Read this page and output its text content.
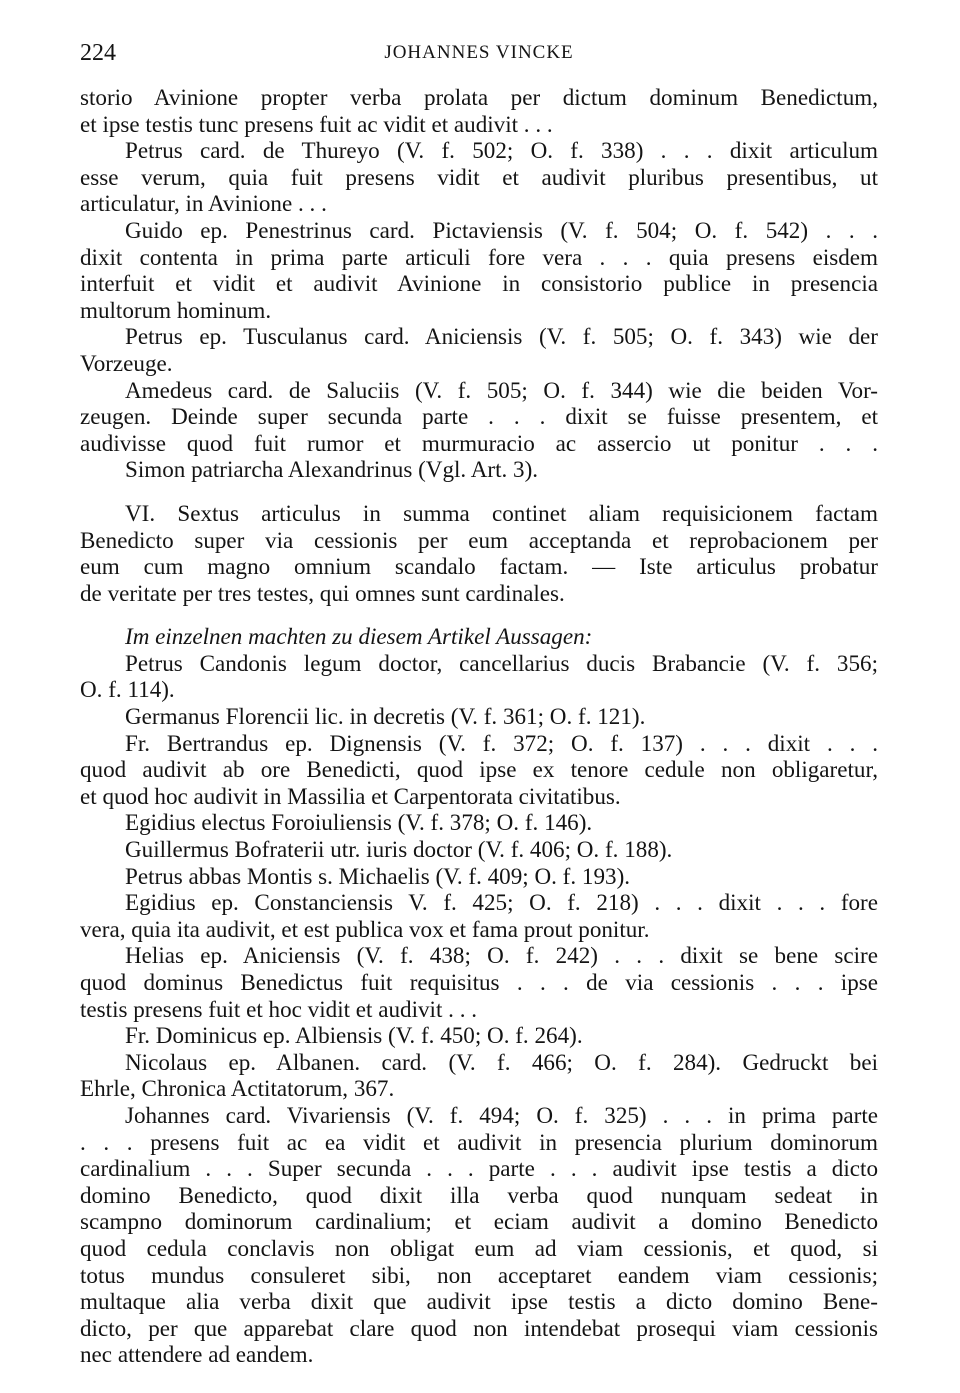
224	JOHANNES VINCKE
storio Avinione propter verba prolata per dictum dominum Benedictum,
et ipse testis tunc presens fuit ac vidit et audivit . . .
Petrus card. de Thureyo (V. f. 502; O. f. 338) . . . dixit articulum
esse verum, quia fuit presens vidit et audivit pluribus presentibus, ut
articulatur, in Avinione . . .
Guido ep. Penestrinus card. Pictaviensis (V. f. 504; O. f. 542) . . .
dixit contenta in prima parte articuli fore vera . . . quia presens eisdem
interfuit et vidit et audivit Avinione in consistorio publice in presencia
multorum hominum.
Petrus ep. Tusculanus card. Aniciensis (V. f. 505; O. f. 343) wie der
Vorzeuge.
Amedeus card. de Saluciis (V. f. 505; O. f. 344) wie die beiden Vor-
zeugen. Deinde super secunda parte . . . dixit se fuisse presentem, et
audivisse quod fuit rumor et murmuracio ac assercio ut ponitur . . .
Simon patriarcha Alexandrinus (Vgl. Art. 3).
VI. Sextus articulus in summa continet aliam requisicionem factam
Benedicto super via cessionis per eum acceptanda et reprobacionem per
eum cum magno omnium scandalo factam. — Iste articulus probatur
de veritate per tres testes, qui omnes sunt cardinales.
Im einzelnen machten zu diesem Artikel Aussagen:
Petrus Candonis legum doctor, cancellarius ducis Brabancie (V. f. 356;
O. f. 114).
Germanus Florencii lic. in decretis (V. f. 361; O. f. 121).
Fr. Bertrandus ep. Dignensis (V. f. 372; O. f. 137) . . . dixit . . .
quod audivit ab ore Benedicti, quod ipse ex tenore cedule non obligaretur,
et quod hoc audivit in Massilia et Carpentorata civitatibus.
Egidius electus Foroiuliensis (V. f. 378; O. f. 146).
Guillermus Bofraterii utr. iuris doctor (V. f. 406; O. f. 188).
Petrus abbas Montis s. Michaelis (V. f. 409; O. f. 193).
Egidius ep. Constanciensis V. f. 425; O. f. 218) . . . dixit . . . fore
vera, quia ita audivit, et est publica vox et fama prout ponitur.
Helias ep. Aniciensis (V. f. 438; O. f. 242) . . . dixit se bene scire
quod dominus Benedictus fuit requisitus . . . de via cessionis . . . ipse
testis presens fuit et hoc vidit et audivit . . .
Fr. Dominicus ep. Albiensis (V. f. 450; O. f. 264).
Nicolaus ep. Albanen. card. (V. f. 466; O. f. 284). Gedruckt bei
Ehrle, Chronica Actitatorum, 367.
Johannes card. Vivariensis (V. f. 494; O. f. 325) . . . in prima parte
. . . presens fuit ac ea vidit et audivit in presencia plurium dominorum
cardinalium . . . Super secunda . . . parte . . . audivit ipse testis a dicto
domino Benedicto, quod dixit illa verba quod nunquam sedeat in
scampno dominorum cardinalium; et eciam audivit a domino Benedicto
quod cedula conclavis non obligat eum ad viam cessionis, et quod, si
totus mundus consuleret sibi, non acceptaret eandem viam cessionis;
multaque alia verba dixit que audivit ipse testis a dicto domino Bene-
dicto, per que apparebat clare quod non intendebat prosequi viam cessionis
nec attendere ad eandem.
